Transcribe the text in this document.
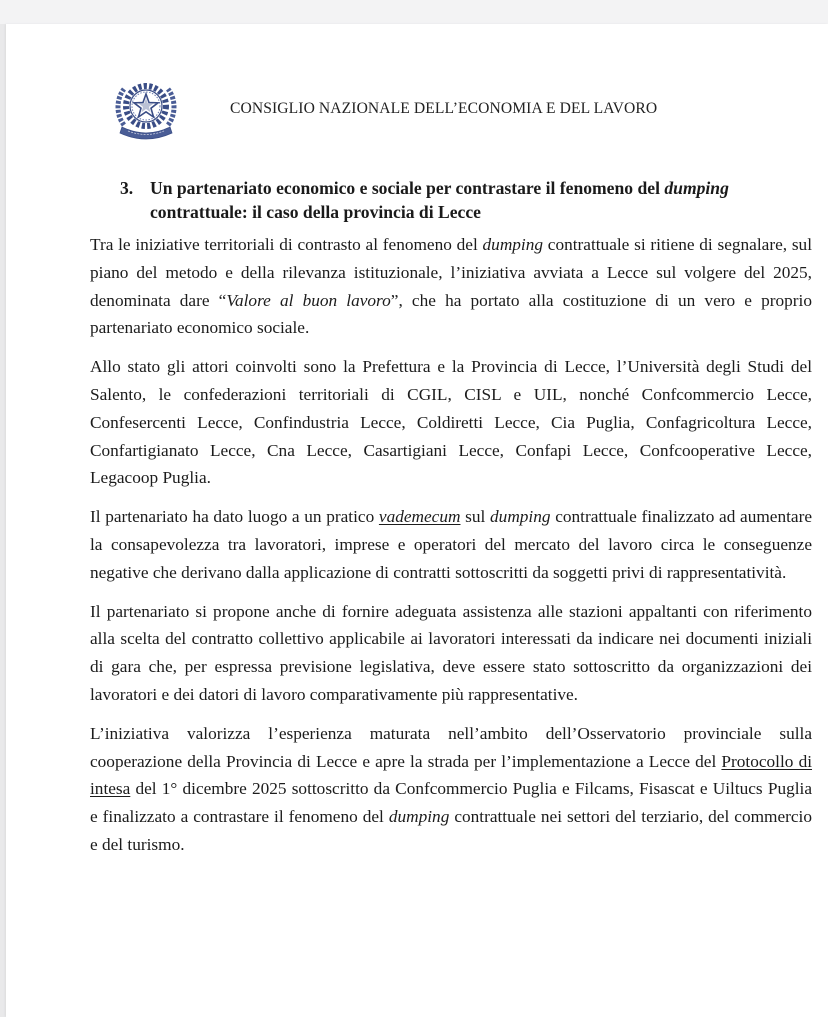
CONSIGLIO NAZIONALE DELL’ECONOMIA E DEL LAVORO
3. Un partenariato economico e sociale per contrastare il fenomeno del dumping contrattuale: il caso della provincia di Lecce

Tra le iniziative territoriali di contrasto al fenomeno del dumping contrattuale si ritiene di segnalare, sul piano del metodo e della rilevanza istituzionale, l’iniziativa avviata a Lecce sul volgere del 2025, denominata dare “Valore al buon lavoro”, che ha portato alla costituzione di un vero e proprio partenariato economico sociale.

Allo stato gli attori coinvolti sono la Prefettura e la Provincia di Lecce, l’Università degli Studi del Salento, le confederazioni territoriali di CGIL, CISL e UIL, nonché Confcommercio Lecce, Confesercenti Lecce, Confindustria Lecce, Coldiretti Lecce, Cia Puglia, Confagricoltura Lecce, Confartigianato Lecce, Cna Lecce, Casartigiani Lecce, Confapi Lecce, Confcooperative Lecce, Legacoop Puglia.

Il partenariato ha dato luogo a un pratico vademecum sul dumping contrattuale finalizzato ad aumentare la consapevolezza tra lavoratori, imprese e operatori del mercato del lavoro circa le conseguenze negative che derivano dalla applicazione di contratti sottoscritti da soggetti privi di rappresentatività.

Il partenariato si propone anche di fornire adeguata assistenza alle stazioni appaltanti con riferimento alla scelta del contratto collettivo applicabile ai lavoratori interessati da indicare nei documenti iniziali di gara che, per espressa previsione legislativa, deve essere stato sottoscritto da organizzazioni dei lavoratori e dei datori di lavoro comparativamente più rappresentative.

L’iniziativa valorizza l’esperienza maturata nell’ambito dell’Osservatorio provinciale sulla cooperazione della Provincia di Lecce e apre la strada per l’implementazione a Lecce del Protocollo di intesa del 1° dicembre 2025 sottoscritto da Confcommercio Puglia e Filcams, Fisascat e Uiltucs Puglia e finalizzato a contrastare il fenomeno del dumping contrattuale nei settori del terziario, del commercio e del turismo.
